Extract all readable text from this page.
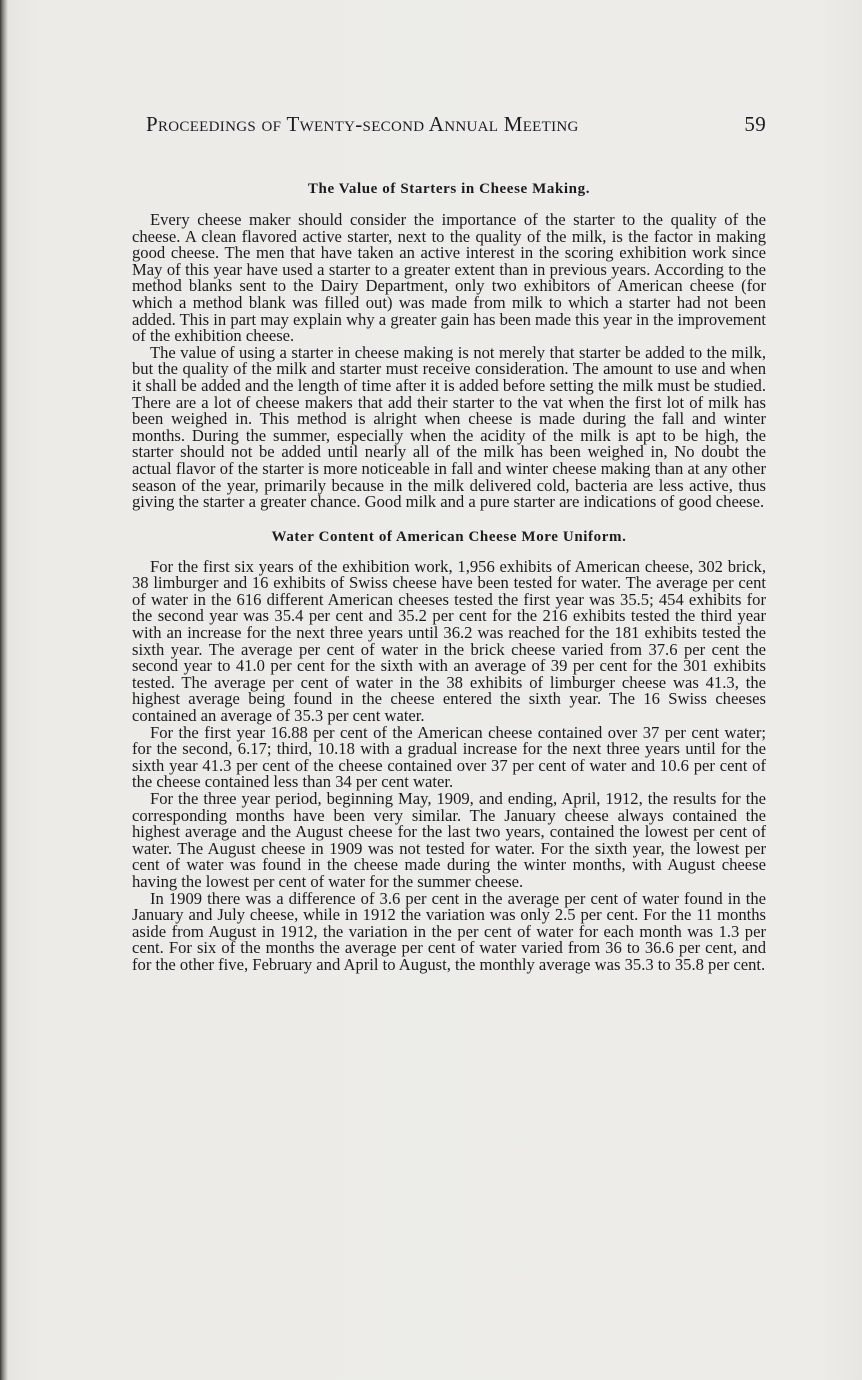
Proceedings of Twenty-second Annual Meeting	59
The Value of Starters in Cheese Making.

Every cheese maker should consider the importance of the starter to the quality of the cheese. A clean flavored active starter, next to the quality of the milk, is the factor in making good cheese. The men that have taken an active interest in the scoring exhibition work since May of this year have used a starter to a greater extent than in previous years. According to the method blanks sent to the Dairy Department, only two exhibitors of American cheese (for which a method blank was filled out) was made from milk to which a starter had not been added. This in part may explain why a greater gain has been made this year in the improvement of the exhibition cheese.

The value of using a starter in cheese making is not merely that starter be added to the milk, but the quality of the milk and starter must receive consideration. The amount to use and when it shall be added and the length of time after it is added before setting the milk must be studied. There are a lot of cheese makers that add their starter to the vat when the first lot of milk has been weighed in. This method is alright when cheese is made during the fall and winter months. During the summer, especially when the acidity of the milk is apt to be high, the starter should not be added until nearly all of the milk has been weighed in, No doubt the actual flavor of the starter is more noticeable in fall and winter cheese making than at any other season of the year, primarily because in the milk delivered cold, bacteria are less active, thus giving the starter a greater chance. Good milk and a pure starter are indications of good cheese.

Water Content of American Cheese More Uniform.

For the first six years of the exhibition work, 1,956 exhibits of American cheese, 302 brick, 38 limburger and 16 exhibits of Swiss cheese have been tested for water. The average per cent of water in the 616 different American cheeses tested the first year was 35.5; 454 exhibits for the second year was 35.4 per cent and 35.2 per cent for the 216 exhibits tested the third year with an increase for the next three years until 36.2 was reached for the 181 exhibits tested the sixth year. The average per cent of water in the brick cheese varied from 37.6 per cent the second year to 41.0 per cent for the sixth with an average of 39 per cent for the 301 exhibits tested. The average per cent of water in the 38 exhibits of limburger cheese was 41.3, the highest average being found in the cheese entered the sixth year. The 16 Swiss cheeses contained an average of 35.3 per cent water.

For the first year 16.88 per cent of the American cheese contained over 37 per cent water; for the second, 6.17; third, 10.18 with a gradual increase for the next three years until for the sixth year 41.3 per cent of the cheese contained over 37 per cent of water and 10.6 per cent of the cheese contained less than 34 per cent water.

For the three year period, beginning May, 1909, and ending, April, 1912, the results for the corresponding months have been very similar. The January cheese always contained the highest average and the August cheese for the last two years, contained the lowest per cent of water. The August cheese in 1909 was not tested for water. For the sixth year, the lowest per cent of water was found in the cheese made during the winter months, with August cheese having the lowest per cent of water for the summer cheese.

In 1909 there was a difference of 3.6 per cent in the average per cent of water found in the January and July cheese, while in 1912 the variation was only 2.5 per cent. For the 11 months aside from August in 1912, the variation in the per cent of water for each month was 1.3 per cent. For six of the months the average per cent of water varied from 36 to 36.6 per cent, and for the other five, February and April to August, the monthly average was 35.3 to 35.8 per cent.
